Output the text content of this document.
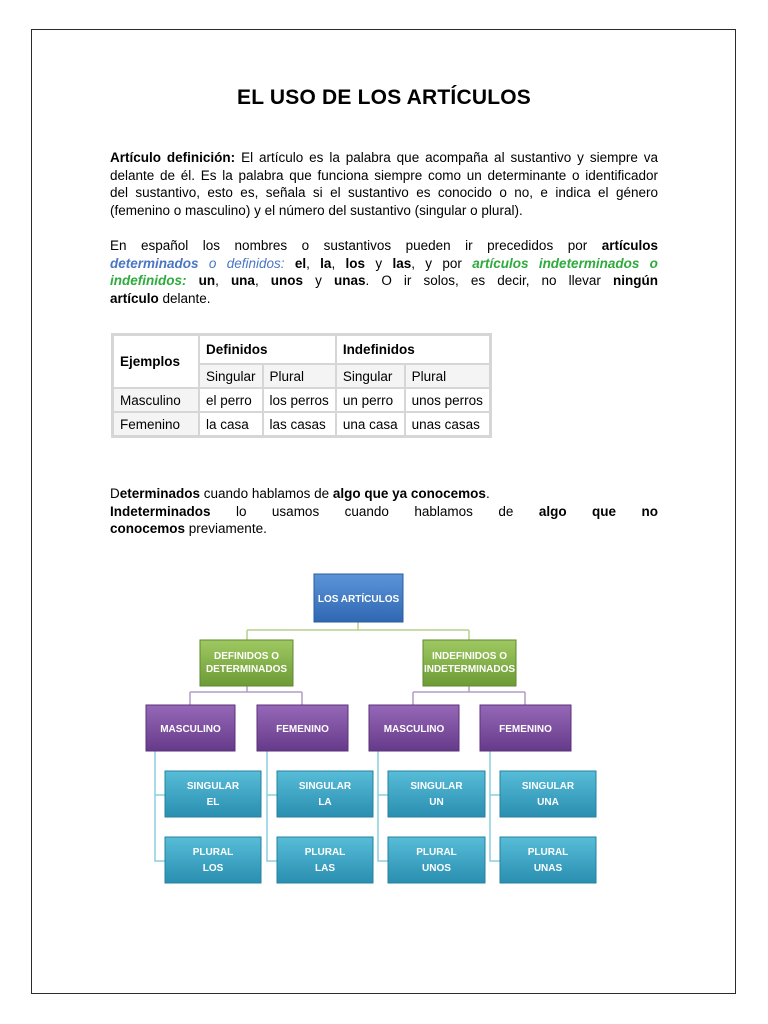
EL USO DE LOS ARTÍCULOS
Artículo definición: El artículo es la palabra que acompaña al sustantivo y siempre va
delante de él. Es la palabra que funciona siempre como un determinante o identificador
del sustantivo, esto es, señala si el sustantivo es conocido o no, e indica el género
(femenino o masculino) y el número del sustantivo (singular o plural).
En español los nombres o sustantivos pueden ir precedidos por artículos
determinados o definidos: el, la, los y las, y por artículos indeterminados o
indefinidos: un, una, unos y unas. O ir solos, es decir, no llevar ningún
artículo delante.
Ejemplos	Definidos		Indefinidos	
	Singular	Plural	Singular	Plural
Masculino	el perro	los perros	un perro	unos perros
Femenino	la casa	las casas	una casa	unas casas
Determinados cuando hablamos de algo que ya conocemos.
Indeterminados lo usamos cuando hablamos de algo que no
conocemos previamente.
LOS ARTÍCULOS
DEFINIDOS O
DETERMINADOS
INDEFINIDOS O
INDETERMINADOS
MASCULINO	FEMENINO	MASCULINO	FEMENINO
SINGULAR
EL
SINGULAR
LA
SINGULAR
UN
SINGULAR
UNA
PLURAL
LOS
PLURAL
LAS
PLURAL
UNOS
PLURAL
UNAS
